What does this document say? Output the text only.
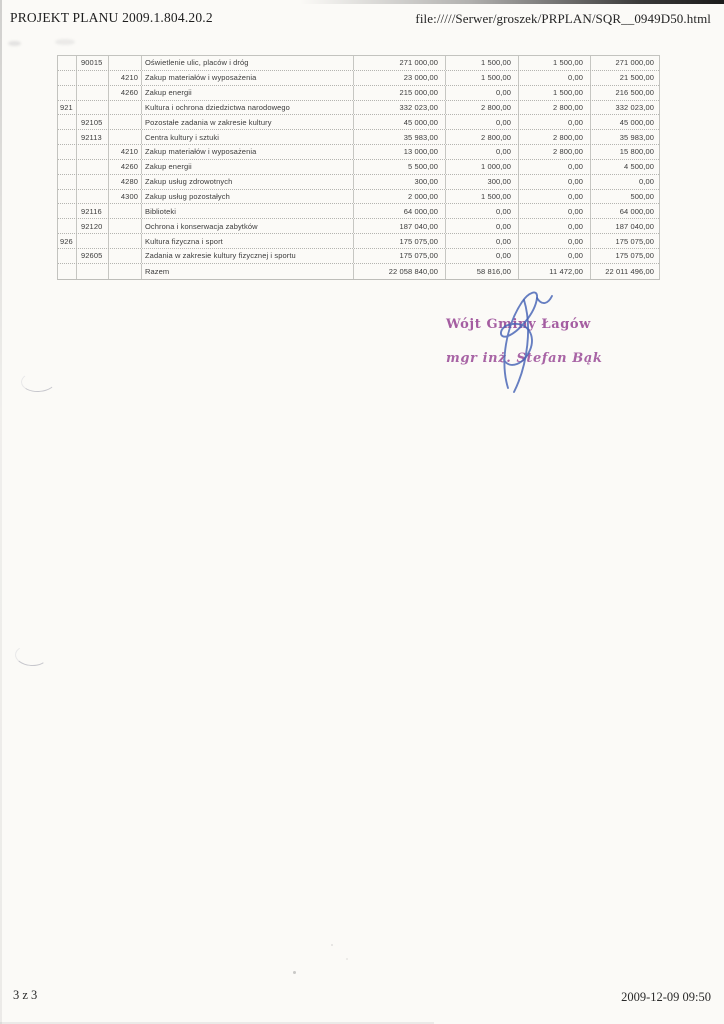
PROJEKT PLANU 2009.1.804.20.2	file://///Serwer/groszek/PRPLAN/SQR__0949D50.html
90015	Oświetlenie ulic, placów i dróg	271 000,00	1 500,00	1 500,00	271 000,00
4210 Zakup materiałów i wyposażenia	23 000,00	1 500,00	0,00	21 500,00
4260 Zakup energii	215 000,00	0,00	1 500,00	216 500,00
921	Kultura i ochrona dziedzictwa narodowego	332 023,00	2 800,00	2 800,00	332 023,00
92105	Pozostałe zadania w zakresie kultury	45 000,00	0,00	0,00	45 000,00
92113	Centra kultury i sztuki	35 983,00	2 800,00	2 800,00	35 983,00
4210 Zakup materiałów i wyposażenia	13 000,00	0,00	2 800,00	15 800,00
4260 Zakup energii	5 500,00	1 000,00	0,00	4 500,00
4280 Zakup usług zdrowotnych	300,00	300,00	0,00	0,00
4300 Zakup usług pozostałych	2 000,00	1 500,00	0,00	500,00
92116	Biblioteki	64 000,00	0,00	0,00	64 000,00
92120	Ochrona i konserwacja zabytków	187 040,00	0,00	0,00	187 040,00
926	Kultura fizyczna i sport	175 075,00	0,00	0,00	175 075,00
92605	Zadania w zakresie kultury fizycznej i sportu	175 075,00	0,00	0,00	175 075,00
Razem	22 058 840,00	58 816,00	11 472,00	22 011 496,00
Wójt Gminy Łagów
mgr inż. Stefan Bąk
3 z 3	2009-12-09 09:50
